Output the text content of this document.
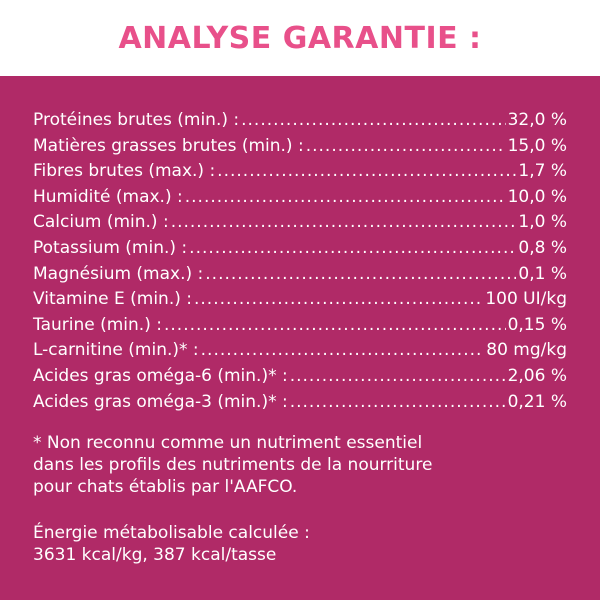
ANALYSE GARANTIE :
Protéines brutes (min.) : .....	32,0 %
Matières grasses brutes (min.) : .....	15,0 %
Fibres brutes (max.) : .....	1,7 %
Humidité (max.) : .....	10,0 %
Calcium (min.) : .....	1,0 %
Potassium (min.) : .....	0,8 %
Magnésium (max.) : .....	0,1 %
Vitamine E (min.) : .....	100 UI/kg
Taurine (min.) : .....	0,15 %
L-carnitine (min.)* : .....	80 mg/kg
Acides gras oméga-6 (min.)* : .....	2,06 %
Acides gras oméga-3 (min.)* : .....	0,21 %
* Non reconnu comme un nutriment essentiel
dans les profils des nutriments de la nourriture
pour chats établis par l'AAFCO.
Énergie métabolisable calculée :
3631 kcal/kg, 387 kcal/tasse
